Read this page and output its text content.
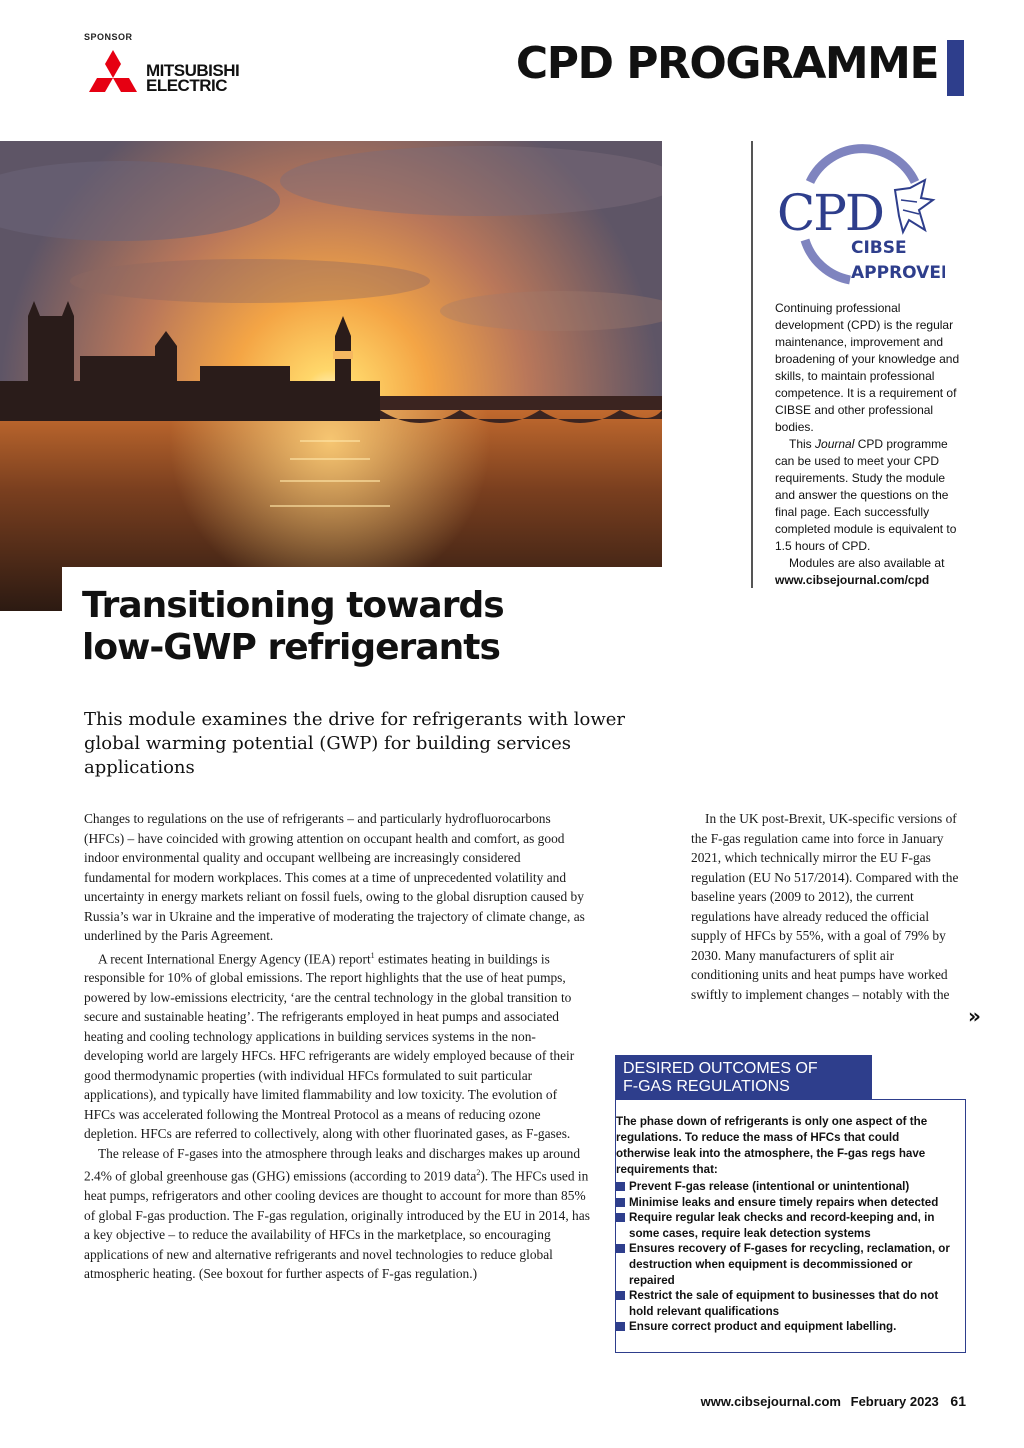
SPONSOR
MITSUBISHI
ELECTRIC	CPD PROGRAMME
Transitioning towards
low-GWP refrigerants
CPD
CIBSE
APPROVED

Continuing professional development (CPD) is the regular maintenance, improvement and broadening of your knowledge and skills, to maintain professional competence. It is a requirement of CIBSE and other professional bodies.

This Journal CPD programme can be used to meet your CPD requirements. Study the module and answer the questions on the final page. Each successfully completed module is equivalent to 1.5 hours of CPD.

Modules are also available at

www.cibsejournal.com/cpd

This module examines the drive for refrigerants with lower global warming potential (GWP) for building services applications

Changes to regulations on the use of refrigerants – and particularly hydrofluorocarbons (HFCs) – have coincided with growing attention on occupant health and comfort, as good indoor environmental quality and occupant wellbeing are increasingly considered fundamental for modern workplaces. This comes at a time of unprecedented volatility and uncertainty in energy markets reliant on fossil fuels, owing to the global disruption caused by Russia’s war in Ukraine and the imperative of moderating the trajectory of climate change, as underlined by the Paris Agreement.

A recent International Energy Agency (IEA) report$^1$ estimates heating in buildings is responsible for 10% of global emissions. The report highlights that the use of heat pumps, powered by low-emissions electricity, ‘are the central technology in the global transition to secure and sustainable heating’. The refrigerants employed in heat pumps and associated heating and cooling technology applications in building services systems in the non-developing world are largely HFCs. HFC refrigerants are widely employed because of their good thermodynamic properties (with individual HFCs formulated to suit particular applications), and typically have limited flammability and low toxicity. The evolution of HFCs was accelerated following the Montreal Protocol as a means of reducing ozone depletion. HFCs are referred to collectively, along with other fluorinated gases, as F-gases.

The release of F-gases into the atmosphere through leaks and discharges makes up around 2.4% of global greenhouse gas (GHG) emissions (according to 2019 data$^2$). The HFCs used in heat pumps, refrigerators and other cooling devices are thought to account for more than 85% of global F-gas production. The F-gas regulation, originally introduced by the EU in 2014, has a key objective – to reduce the availability of HFCs in the marketplace, so encouraging applications of new and alternative refrigerants and novel technologies to reduce global atmospheric heating. (See boxout for further aspects of F-gas regulation.)

In the UK post-Brexit, UK-specific versions of the F-gas regulation came into force in January 2021, which technically mirror the EU F-gas regulation (EU No 517/2014). Compared with the baseline years (2009 to 2012), the current regulations have already reduced the official supply of HFCs by 55%, with a goal of 79% by 2030. Many manufacturers of split air conditioning units and heat pumps have worked swiftly to implement changes – notably with the

»
DESIRED OUTCOMES OF
F-GAS REGULATIONS

The phase down of refrigerants is only one aspect of the regulations. To reduce the mass of HFCs that could otherwise leak into the atmosphere, the F-gas regs have requirements that:

Prevent F-gas release (intentional or unintentional)
Minimise leaks and ensure timely repairs when detected
Require regular leak checks and record-keeping and, in some cases, require leak detection systems
Ensures recovery of F-gases for recycling, reclamation, or destruction when equipment is decommissioned or repaired
Restrict the sale of equipment to businesses that do not hold relevant qualifications
Ensure correct product and equipment labelling.
www.cibsejournal.com February 2023 61
